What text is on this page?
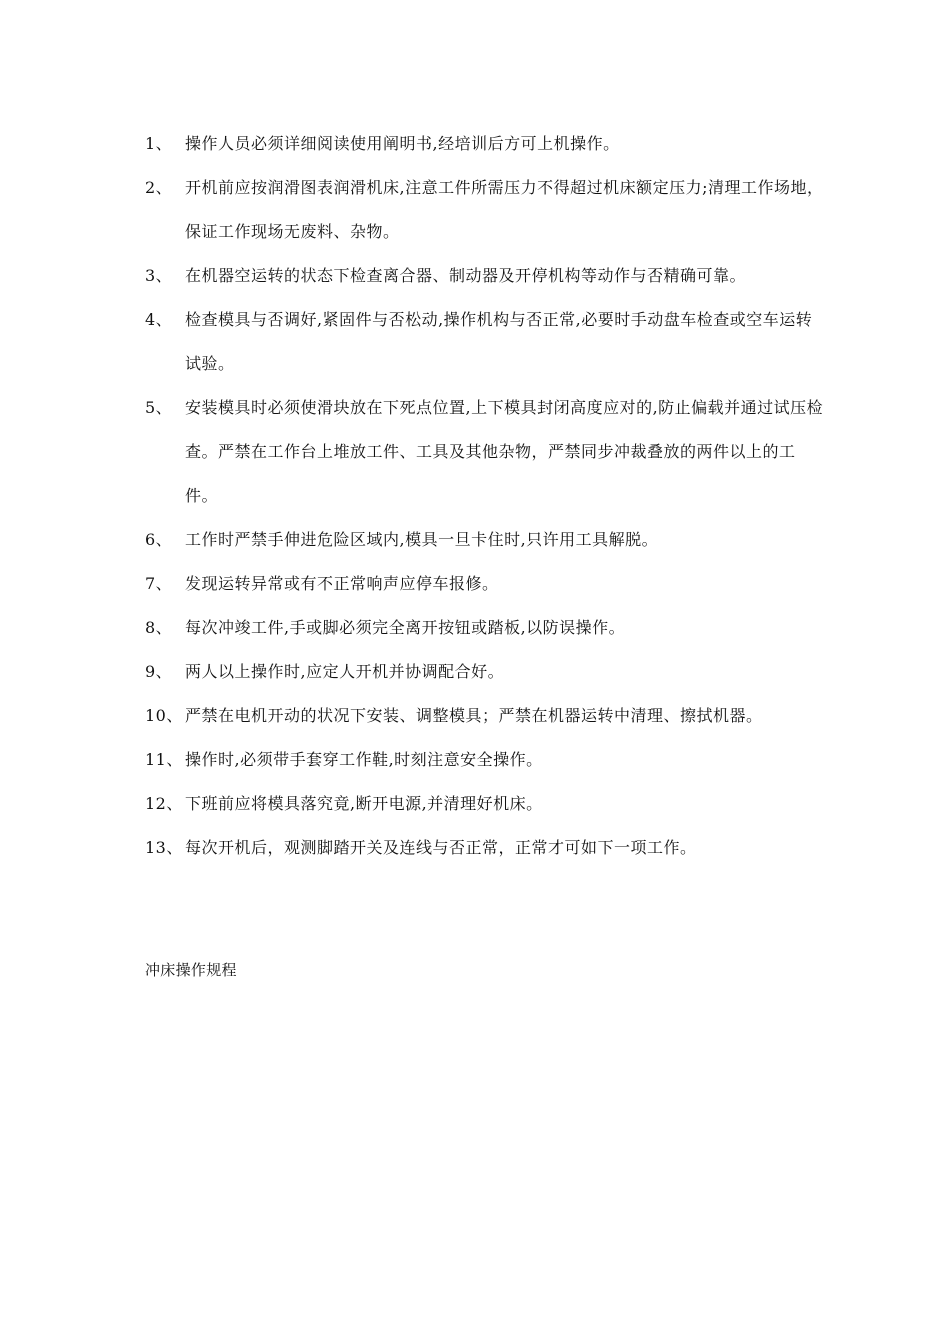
1、 操作人员必须详细阅读使用阐明书,经培训后方可上机操作。
2、 开机前应按润滑图表润滑机床,注意工件所需压力不得超过机床额定压力;清理工作场地，保证工作现场无废料、杂物。
3、 在机器空运转的状态下检查离合器、制动器及开停机构等动作与否精确可靠。
4、 检查模具与否调好,紧固件与否松动,操作机构与否正常,必要时手动盘车检查或空车运转试验。
5、 安装模具时必须使滑块放在下死点位置,上下模具封闭高度应对的,防止偏载并通过试压检查。严禁在工作台上堆放工件、工具及其他杂物，严禁同步冲裁叠放的两件以上的工件。
6、 工作时严禁手伸进危险区域内,模具一旦卡住时,只许用工具解脱。
7、 发现运转异常或有不正常响声应停车报修。
8、 每次冲竣工件,手或脚必须完全离开按钮或踏板,以防误操作。
9、 两人以上操作时,应定人开机并协调配合好。
10、 严禁在电机开动的状况下安装、调整模具；严禁在机器运转中清理、擦拭机器。
11、 操作时,必须带手套穿工作鞋,时刻注意安全操作。
12、 下班前应将模具落究竟,断开电源,并清理好机床。
13、 每次开机后，观测脚踏开关及连线与否正常，正常才可如下一项工作。
冲床操作规程
